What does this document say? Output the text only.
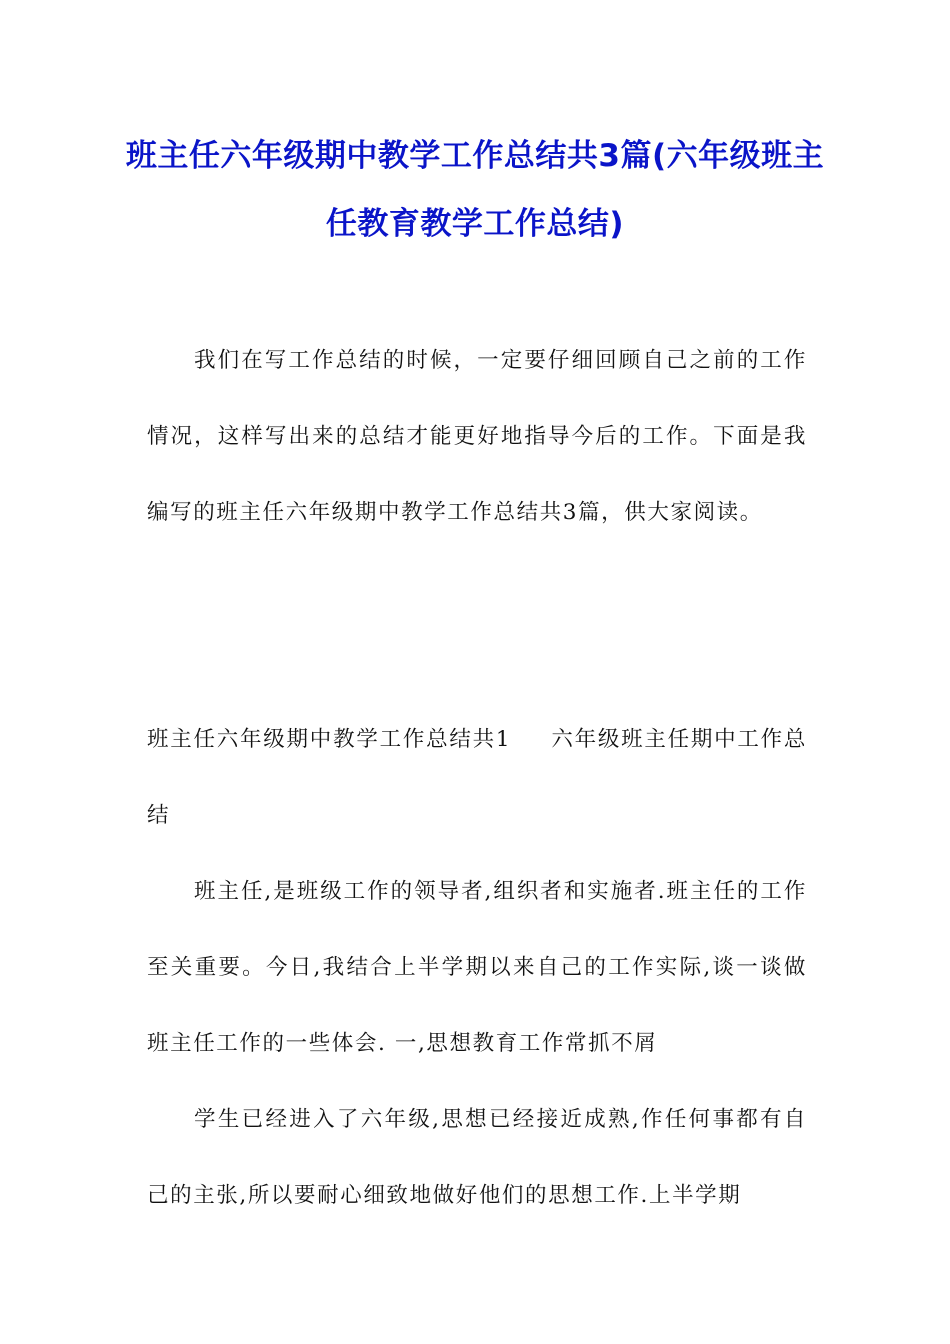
班主任六年级期中教学工作总结共3篇(六年级班主任教育教学工作总结)

我们在写工作总结的时候，一定要仔细回顾自己之前的工作情况，这样写出来的总结才能更好地指导今后的工作。下面是我编写的班主任六年级期中教学工作总结共3篇，供大家阅读。

班主任六年级期中教学工作总结共1 六年级班主任期中工作总结

班主任,是班级工作的领导者,组织者和实施者.班主任的工作至关重要。今日,我结合上半学期以来自己的工作实际,谈一谈做班主任工作的一些体会. 一,思想教育工作常抓不屑

学生已经进入了六年级,思想已经接近成熟,作任何事都有自己的主张,所以要耐心细致地做好他们的思想工作.上半学期
